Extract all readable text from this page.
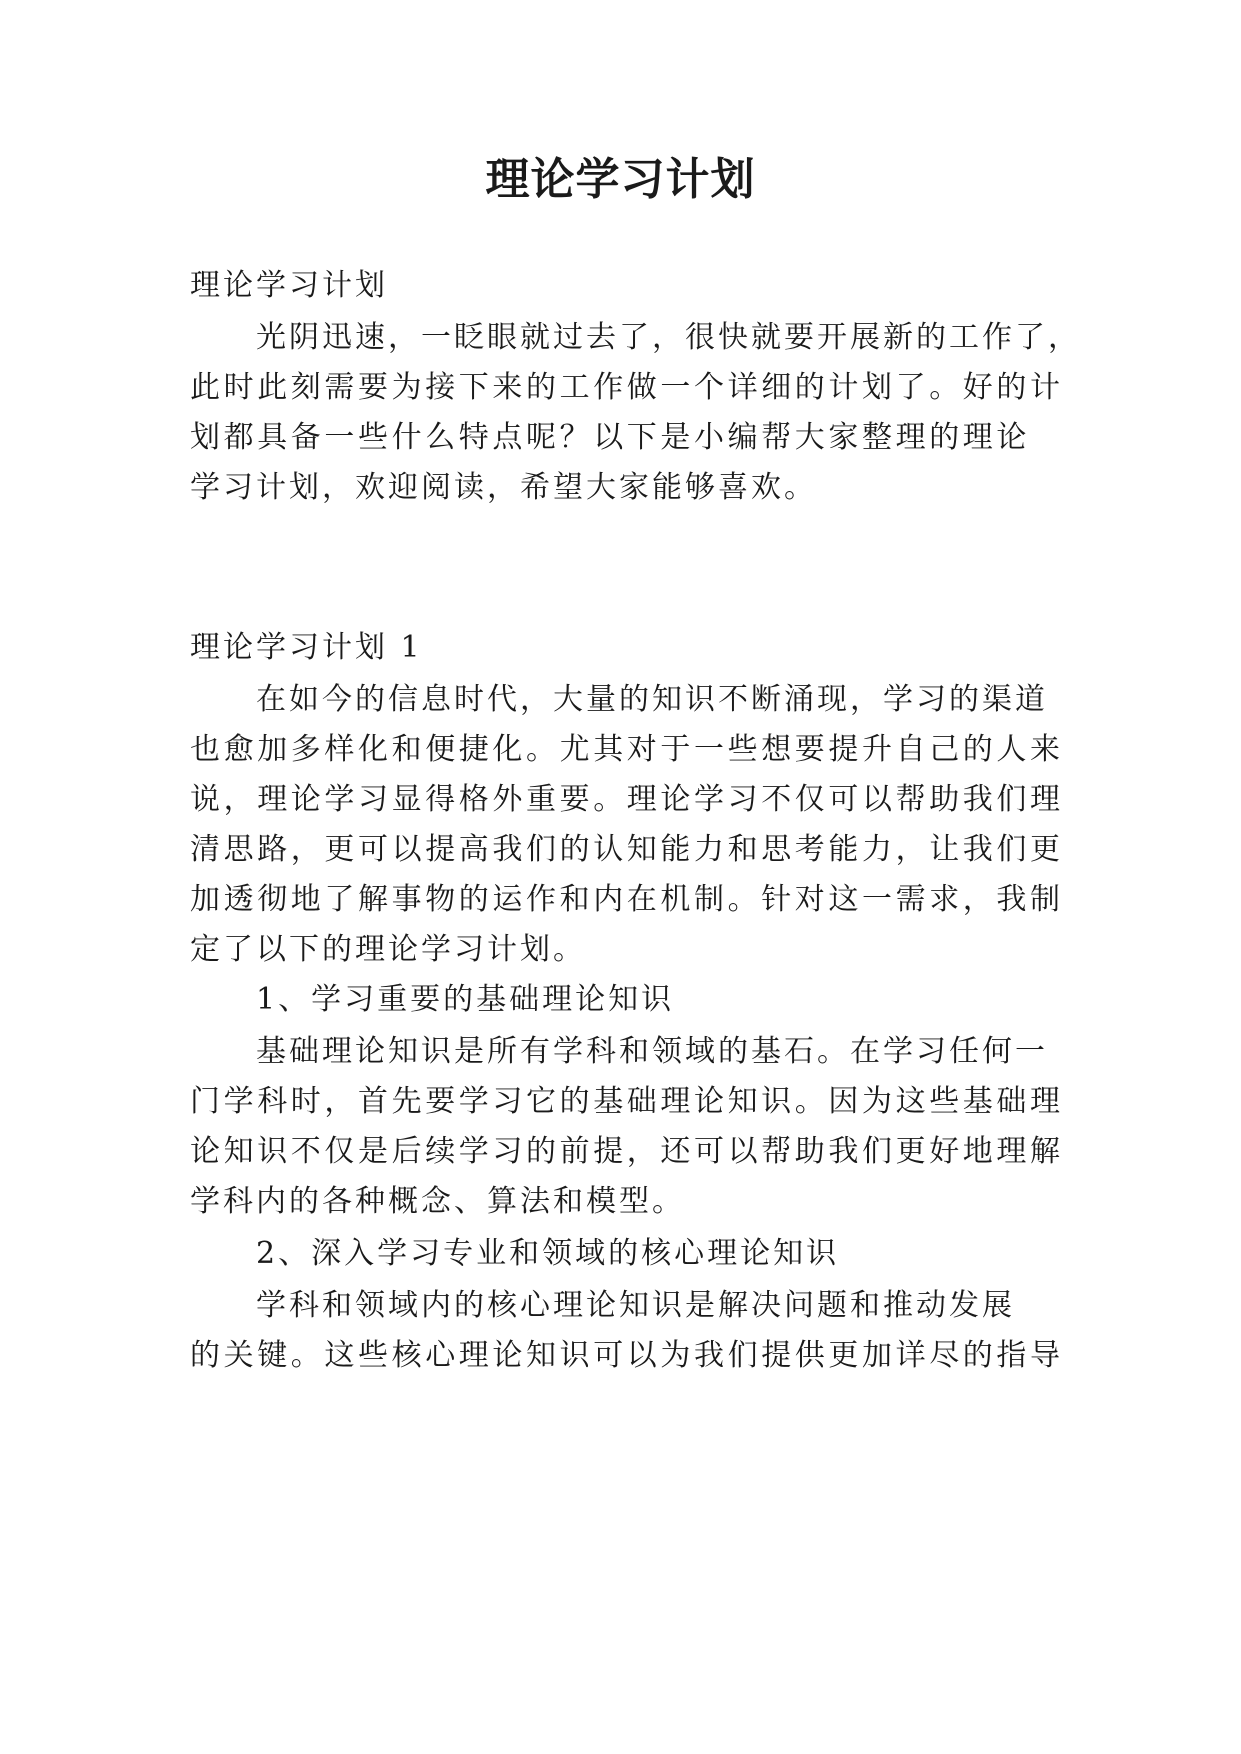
理论学习计划

理论学习计划

光阴迅速，一眨眼就过去了，很快就要开展新的工作了，

此时此刻需要为接下来的工作做一个详细的计划了。好的计

划都具备一些什么特点呢？以下是小编帮大家整理的理论

学习计划，欢迎阅读，希望大家能够喜欢。

理论学习计划 1

在如今的信息时代，大量的知识不断涌现，学习的渠道

也愈加多样化和便捷化。尤其对于一些想要提升自己的人来

说，理论学习显得格外重要。理论学习不仅可以帮助我们理

清思路，更可以提高我们的认知能力和思考能力，让我们更

加透彻地了解事物的运作和内在机制。针对这一需求，我制

定了以下的理论学习计划。

1、学习重要的基础理论知识

基础理论知识是所有学科和领域的基石。在学习任何一

门学科时，首先要学习它的基础理论知识。因为这些基础理

论知识不仅是后续学习的前提，还可以帮助我们更好地理解

学科内的各种概念、算法和模型。

2、深入学习专业和领域的核心理论知识

学科和领域内的核心理论知识是解决问题和推动发展

的关键。这些核心理论知识可以为我们提供更加详尽的指导
